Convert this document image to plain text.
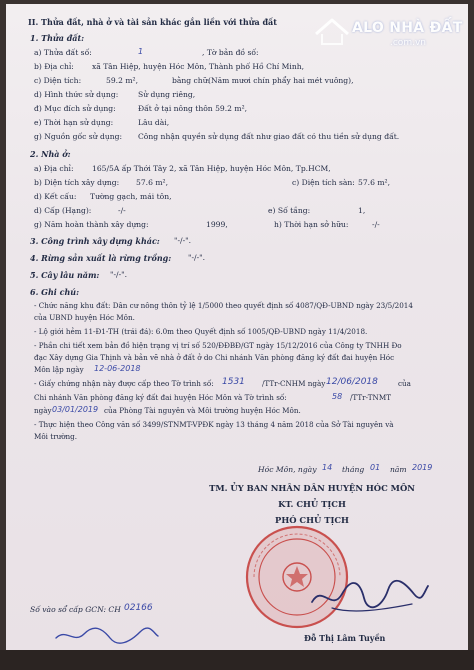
II. Thửa đất, nhà ở và tài sản khác gắn liền với thửa đất
1. Thửa đất:
a) Thửa đất số:	1	, Tờ bản đồ số:
b) Địa chỉ: xã Tân Hiệp, huyện Hóc Môn, Thành phố Hồ Chí Minh,
c) Diện tích:	59.2 m²,	bằng chữ:
(Năm mươi chín phẩy hai mét vuông),
d) Hình thức sử dụng:	Sử dụng riêng,
đ) Mục đích sử dụng:	Đất ở tại nông thôn 59.2 m²,
e) Thời hạn sử dụng:	Lâu dài,
g) Nguồn gốc sử dụng: Công nhận quyền sử dụng đất như giao đất có thu tiền sử dụng đất.
2. Nhà ở:
a) Địa chỉ: 165/5A ấp Thới Tây 2, xã Tân Hiệp, huyện Hóc Môn, Tp.HCM,
b) Diện tích xây dựng: 57.6 m²,	c) Diện tích sàn: 57.6 m²,
d) Kết cấu: Tường gạch, mái tôn,
d) Cấp (Hạng):	-/-	e) Số tầng:	1,
g) Năm hoàn thành xây dựng:	1999,	h) Thời hạn sở hữu:	-/-
3. Công trình xây dựng khác: "-/-".
4. Rừng sản xuất là rừng trồng: "-/-".
5. Cây lâu năm: "-/-".
6. Ghi chú:
- Chức năng khu đất: Dân cư nông thôn tỷ lệ 1/5000 theo quyết định số 4087/QĐ-UBND ngày 23/5/2014
của UBND huyện Hóc Môn.
- Lộ giới hẻm 11-Đ1-TH (trái đá): 6.0m theo Quyết định số 1005/QĐ-UBND ngày 11/4/2018.
- Phần chi tiết xem bản đồ hiện trạng vị trí số 520/ĐĐBĐ/GT ngày 15/12/2016 của Công ty TNHH Đo
đạc Xây dựng Gia Thịnh và bản vẽ nhà ở đất ở do Chi nhánh Văn phòng đăng ký đất đai huyện Hóc
Môn lập ngày 12-06-2018
- Giấy chứng nhận này được cấp theo Tờ trình số: 1531 /TTr-CNHM ngày 12/06/2018	của
Chi nhánh Văn phòng đăng ký đất đai huyện Hóc Môn và Tờ trình số:	58 /TTr-TNMT
ngày 03/01/2019 của Phòng Tài nguyên và Môi trường huyện Hóc Môn.
- Thực hiện theo Công văn số 3499/STNMT-VPĐK ngày 13 tháng 4 năm 2018 của Sở Tài nguyên và
Môi trường.
Hóc Môn, ngày 14 tháng 01 năm 2019
TM. ỦY BAN NHÂN DÂN HUYỆN HÓC MÔN
KT. CHỦ TỊCH
PHÓ CHỦ TỊCH
Đỗ Thị Lâm Tuyền
Số vào sổ cấp GCN: CH 02166
ALO NHÀ ĐẤT
.com.vn
